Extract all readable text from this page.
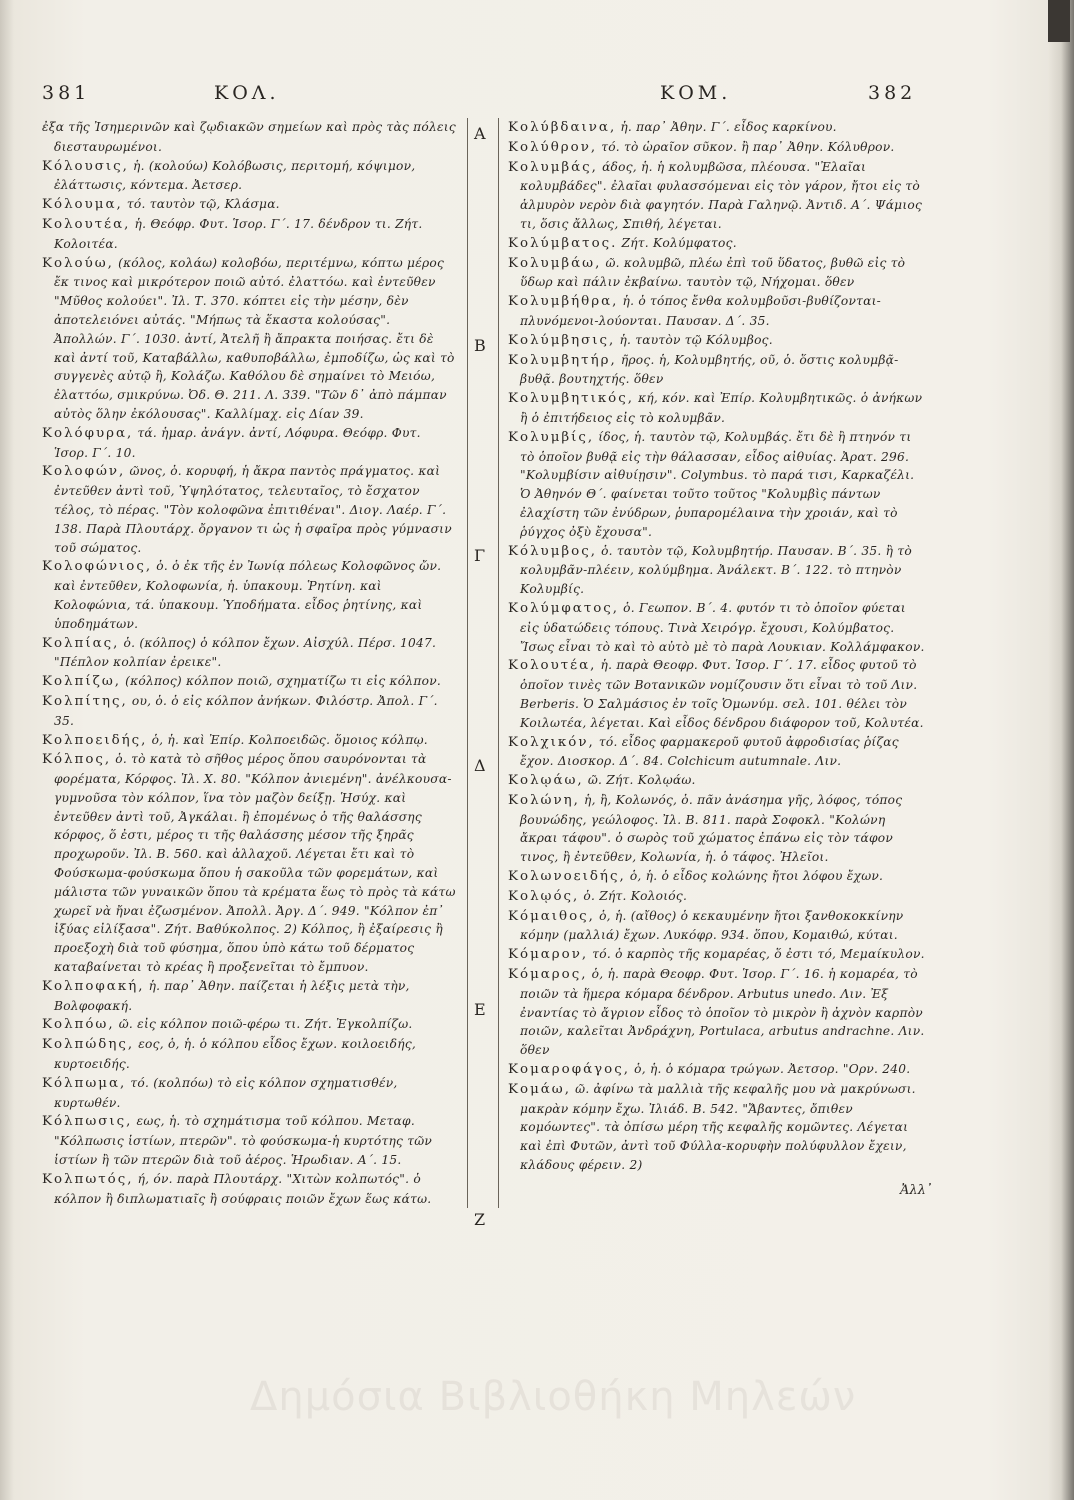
381	ΚΟΛ.	ΚΟΜ.	382
A
B
Γ
Δ
E
Z

ἐξα τῆς Ἰσημερινῶν καὶ ζῳδιακῶν σημείων καὶ πρὸς τὰς πόλεις διεσταυρωμένοι.

Κόλουσις, ἡ. (κολούω) Κολόβωσις, περιτομή, κόψιμον, ἐλάττωσις, κόντεμα. Ἀετσερ.

Κόλουμα, τό. ταυτὸν τῷ, Κλάσμα.

Κολουτέα, ἡ. Θεόφρ. Φυτ. Ἱσορ. Γ΄. 17. δένδρον τι. Ζήτ. Κολοιτέα.

Κολούω, (κόλος, κολάω) κολοβόω, περιτέμνω, κόπτω μέρος ἔκ τινος καὶ μικρότερον ποιῶ αὐτό. ἐλαττόω. καὶ ἐντεῦθεν "Μῦθος κολούει". Ἰλ. Τ. 370. κόπτει εἰς τὴν μέσην, δὲν ἀποτελειόνει αὐτάς. "Μήπως τὰ ἕκαστα κολούσας". Ἀπολλών. Γ΄. 1030. ἀντί, Ἀτελῆ ἢ ἄπρακτα ποιήσας. ἔτι δὲ καὶ ἀντί τοῦ, Καταβάλλω, καθυποβάλλω, ἐμποδίζω, ὡς καὶ τὸ συγγενὲς αὐτῷ ἢ, Κολάζω. Καθόλου δὲ σημαίνει τὸ Μειόω, ἐλαττόω, σμικρύνω. Ὀδ. Θ. 211. Λ. 339. "Τῶν δ᾽ ἀπὸ πάμπαν αὐτὸς ὅλην ἐκόλουσας". Καλλίμαχ. εἰς Δίαν 39.

Κολόφυρα, τά. ἡμαρ. ἀνάγν. ἀντί, Λόφυρα. Θεόφρ. Φυτ. Ἱσορ. Γ΄. 10.

Κολοφών, ῶνος, ὁ. κορυφή, ἡ ἄκρα παντὸς πράγματος. καὶ ἐντεῦθεν ἀντὶ τοῦ, Ὑψηλότατος, τελευταῖος, τὸ ἔσχατον τέλος, τὸ πέρας. "Τὸν κολοφῶνα ἐπιτιθέναι". Διογ. Λαέρ. Γ΄. 138. Παρὰ Πλουτάρχ. ὄργανον τι ὡς ἡ σφαῖρα πρὸς γύμνασιν τοῦ σώματος.

Κολοφώνιος, ὁ. ὁ ἐκ τῆς ἐν Ἰωνίᾳ πόλεως Κολοφῶνος ὤν. καὶ ἐντεῦθεν, Κολοφωνία, ἡ. ὑπακουμ. Ῥητίνη. καὶ Κολοφώνια, τά. ὑπακουμ. Ὑποδήματα. εἶδος ῥητίνης, καὶ ὑποδημάτων.

Κολπίας, ὁ. (κόλπος) ὁ κόλπον ἔχων. Αἰσχύλ. Πέρσ. 1047. "Πέπλον κολπίαν ἐρεικε".

Κολπίζω, (κόλπος) κόλπον ποιῶ, σχηματίζω τι εἰς κόλπον.

Κολπίτης, ου, ὁ. ὁ εἰς κόλπον ἀνήκων. Φιλόστρ. Ἀπολ. Γ΄. 35.

Κολποειδής, ὁ, ἡ. καὶ Ἐπίρ. Κολποειδῶς. ὅμοιος κόλπῳ.

Κόλπος, ὁ. τὸ κατὰ τὸ σῆθος μέρος ὅπου σαυρόνονται τὰ φορέματα, Κόρφος. Ἰλ. Χ. 80. "Κόλπον ἀνιεμένη". ἀνέλκουσα-γυμνοῦσα τὸν κόλπον, ἵνα τὸν μαζὸν δείξῃ. Ἡσύχ. καὶ ἐντεῦθεν ἀντὶ τοῦ, Ἀγκάλαι. ἢ ἐπομένως ὁ τῆς θαλάσσης κόρφος, ὅ ἐστι, μέρος τι τῆς θαλάσσης μέσον τῆς ξηρᾶς προχωροῦν. Ἰλ. Β. 560. καὶ ἀλλαχοῦ. Λέγεται ἔτι καὶ τὸ Φούσκωμα-φούσκωμα ὅπου ἡ σακοῦλα τῶν φορεμάτων, καὶ μάλιστα τῶν γυναικῶν ὅπου τὰ κρέματα ἕως τὸ πρὸς τὰ κάτω χωρεῖ νὰ ἤναι ἐζωσμένον. Ἀπολλ. Ἀργ. Δ΄. 949. "Κόλπον ἐπ᾽ ἰξύας εἰλίξασα". Ζήτ. Βαθύκολπος. 2) Κόλπος, ἢ ἐξαίρεσις ἢ προεξοχὴ διὰ τοῦ φύσημα, ὅπου ὑπὸ κάτω τοῦ δέρματος καταβαίνεται τὸ κρέας ἢ προξενεῖται τὸ ἔμπυον.

Κολποφακή, ἡ. παρ᾽ Ἀθην. παίζεται ἡ λέξις μετὰ τὴν, Βολφοφακή.

Κολπόω, ῶ. εἰς κόλπον ποιῶ-φέρω τι. Ζήτ. Ἐγκολπίζω.

Κολπώδης, εος, ὁ, ἡ. ὁ κόλπου εἶδος ἔχων. κοιλοειδής, κυρτοειδής.

Κόλπωμα, τό. (κολπόω) τὸ εἰς κόλπον σχηματισθέν, κυρτωθέν.

Κόλπωσις, εως, ἡ. τὸ σχημάτισμα τοῦ κόλπου. Μεταφ. "Κόλπωσις ἱστίων, πτερῶν". τὸ φούσκωμα-ἡ κυρτότης τῶν ἱστίων ἢ τῶν πτερῶν διὰ τοῦ ἀέρος. Ἡρωδιαν. Α΄. 15.

Κολπωτός, ή, όν. παρὰ Πλουτάρχ. "Χιτὼν κολπωτός". ὁ κόλπον ἢ διπλωματιαῖς ἢ σούφραις ποιῶν ἔχων ἕως κάτω.

Κολύβδαινα, ἡ. παρ᾽ Ἀθην. Γ΄. εἶδος καρκίνου.

Κολύθρον, τό. τὸ ὡραῖον σῦκον. ἢ παρ᾽ Ἀθην. Κόλυθρον.

Κολυμβάς, άδος, ἡ. ἡ κολυμβῶσα, πλέουσα. "Ἐλαῖαι κολυμβάδες". ἐλαῖαι φυλασσόμεναι εἰς τὸν γάρον, ἤτοι εἰς τὸ ἁλμυρὸν νερὸν διὰ φαγητόν. Παρὰ Γαληνῷ. Ἀντιδ. Α΄. Ψάμιος τι, ὅσις ἄλλως, Σπιθή, λέγεται.

Κολύμβατος. Ζήτ. Κολύμφατος.

Κολυμβάω, ῶ. κολυμβῶ, πλέω ἐπὶ τοῦ ὕδατος, βυθῶ εἰς τὸ ὕδωρ καὶ πάλιν ἐκβαίνω. ταυτὸν τῷ, Νήχομαι. ὅθεν

Κολυμβήθρα, ἡ. ὁ τόπος ἔνθα κολυμβοῦσι-βυθίζονται-πλυνόμενοι-λούονται. Παυσαν. Δ΄. 35.

Κολύμβησις, ἡ. ταυτὸν τῷ Κόλυμβος.

Κολυμβητήρ, ῆρος. ἡ, Κολυμβητής, οῦ, ὁ. ὅστις κολυμβᾷ-βυθᾷ. βουτηχτής. ὅθεν

Κολυμβητικός, κή, κόν. καὶ Ἐπίρ. Κολυμβητικῶς. ὁ ἀνήκων ἢ ὁ ἐπιτήδειος εἰς τὸ κολυμβᾶν.

Κολυμβίς, ίδος, ἡ. ταυτὸν τῷ, Κολυμβάς. ἔτι δὲ ἢ πτηνόν τι τὸ ὁποῖον βυθᾷ εἰς τὴν θάλασσαν, εἶδος αἰθυίας. Ἀρατ. 296. "Κολυμβίσιν αἰθυίῃσιν". Colymbus. τὸ παρά τισι, Καρκαζέλι. Ὁ Ἀθηνόν Θ΄. φαίνεται τοῦτο τοῦτος "Κολυμβὶς πάντων ἐλαχίστη τῶν ἐνύδρων, ῥυπαρομέλαινα τὴν χροιάν, καὶ τὸ ῥύγχος ὀξὺ ἔχουσα".

Κόλυμβος, ὁ. ταυτὸν τῷ, Κολυμβητήρ. Παυσαν. Β΄. 35. ἢ τὸ κολυμβᾶν-πλέειν, κολύμβημα. Ἀνάλεκτ. Β΄. 122. τὸ πτηνὸν Κολυμβίς.

Κολύμφατος, ὁ. Γεωπον. Β΄. 4. φυτόν τι τὸ ὁποῖον φύεται εἰς ὑδατώδεις τόπους. Τινὰ Χειρόγρ. ἔχουσι, Κολύμβατος. Ἴσως εἶναι τὸ καὶ τὸ αὐτὸ μὲ τὸ παρὰ Λουκιαν. Κολλάμφακον.

Κολουτέα, ἡ. παρὰ Θεοφρ. Φυτ. Ἱσορ. Γ΄. 17. εἶδος φυτοῦ τὸ ὁποῖον τινὲς τῶν Βοτανικῶν νομίζουσιν ὅτι εἶναι τὸ τοῦ Λιν. Berberis. Ὁ Σαλμάσιος ἐν τοῖς Ὁμωνύμ. σελ. 101. θέλει τὸν Κοιλωτέα, λέγεται. Καὶ εἶδος δένδρου διάφορον τοῦ, Κολυτέα.

Κολχικόν, τό. εἶδος φαρμακεροῦ φυτοῦ ἀφροδισίας ῥίζας ἔχον. Διοσκορ. Δ΄. 84. Colchicum autumnale. Λιν.

Κολῳάω, ῶ. Ζήτ. Κολῳάω.

Κολώνη, ἡ, ἢ, Κολωνός, ὁ. πᾶν ἀνάσημα γῆς, λόφος, τόπος βουνώδης, γεώλοφος. Ἰλ. Β. 811. παρὰ Σοφοκλ. "Κολώνη ἄκραι τάφου". ὁ σωρὸς τοῦ χώματος ἐπάνω εἰς τὸν τάφον τινος, ἢ ἐντεῦθεν, Κολωνία, ἡ. ὁ τάφος. Ἠλεῖοι.

Κολωνοειδής, ὁ, ἡ. ὁ εἶδος κολώνης ἤτοι λόφου ἔχων.

Κολῳός, ὁ. Ζήτ. Κολοιός.

Κόμαιθος, ὁ, ἡ. (αἴθος) ὁ κεκαυμένην ἤτοι ξανθοκοκκίνην κόμην (μαλλιά) ἔχων. Λυκόφρ. 934. ὅπου, Κομαιθώ, κύται.

Κόμαρον, τό. ὁ καρπὸς τῆς κομαρέας, ὅ ἐστι τό, Μεμαίκυλον.

Κόμαρος, ὁ, ἡ. παρὰ Θεοφρ. Φυτ. Ἱσορ. Γ΄. 16. ἡ κομαρέα, τὸ ποιῶν τὰ ἥμερα κόμαρα δένδρον. Arbutus unedo. Λιν. Ἐξ ἐναντίας τὸ ἄγριον εἶδος τὸ ὁποῖον τὸ μικρὸν ἢ ἀχνὸν καρπὸν ποιῶν, καλεῖται Ἀνδράχνη, Portulaca, arbutus andrachne. Λιν. ὅθεν

Κομαροφάγος, ὁ, ἡ. ὁ κόμαρα τρώγων. Ἀετσορ. "Ορν. 240.

Κομάω, ῶ. ἀφίνω τὰ μαλλιὰ τῆς κεφαλῆς μου νὰ μακρύνωσι. μακρὰν κόμην ἔχω. Ἰλιάδ. Β. 542. "Ἄβαντες, ὄπιθεν κομόωντες". τὰ ὀπίσω μέρη τῆς κεφαλῆς κομῶντες. Λέγεται καὶ ἐπὶ Φυτῶν, ἀντὶ τοῦ Φύλλα-κορυφὴν πολύφυλλον ἔχειν, κλάδους φέρειν. 2)

Ἀλλ᾽
Δημόσια Βιβλιοθήκη Μηλεών
